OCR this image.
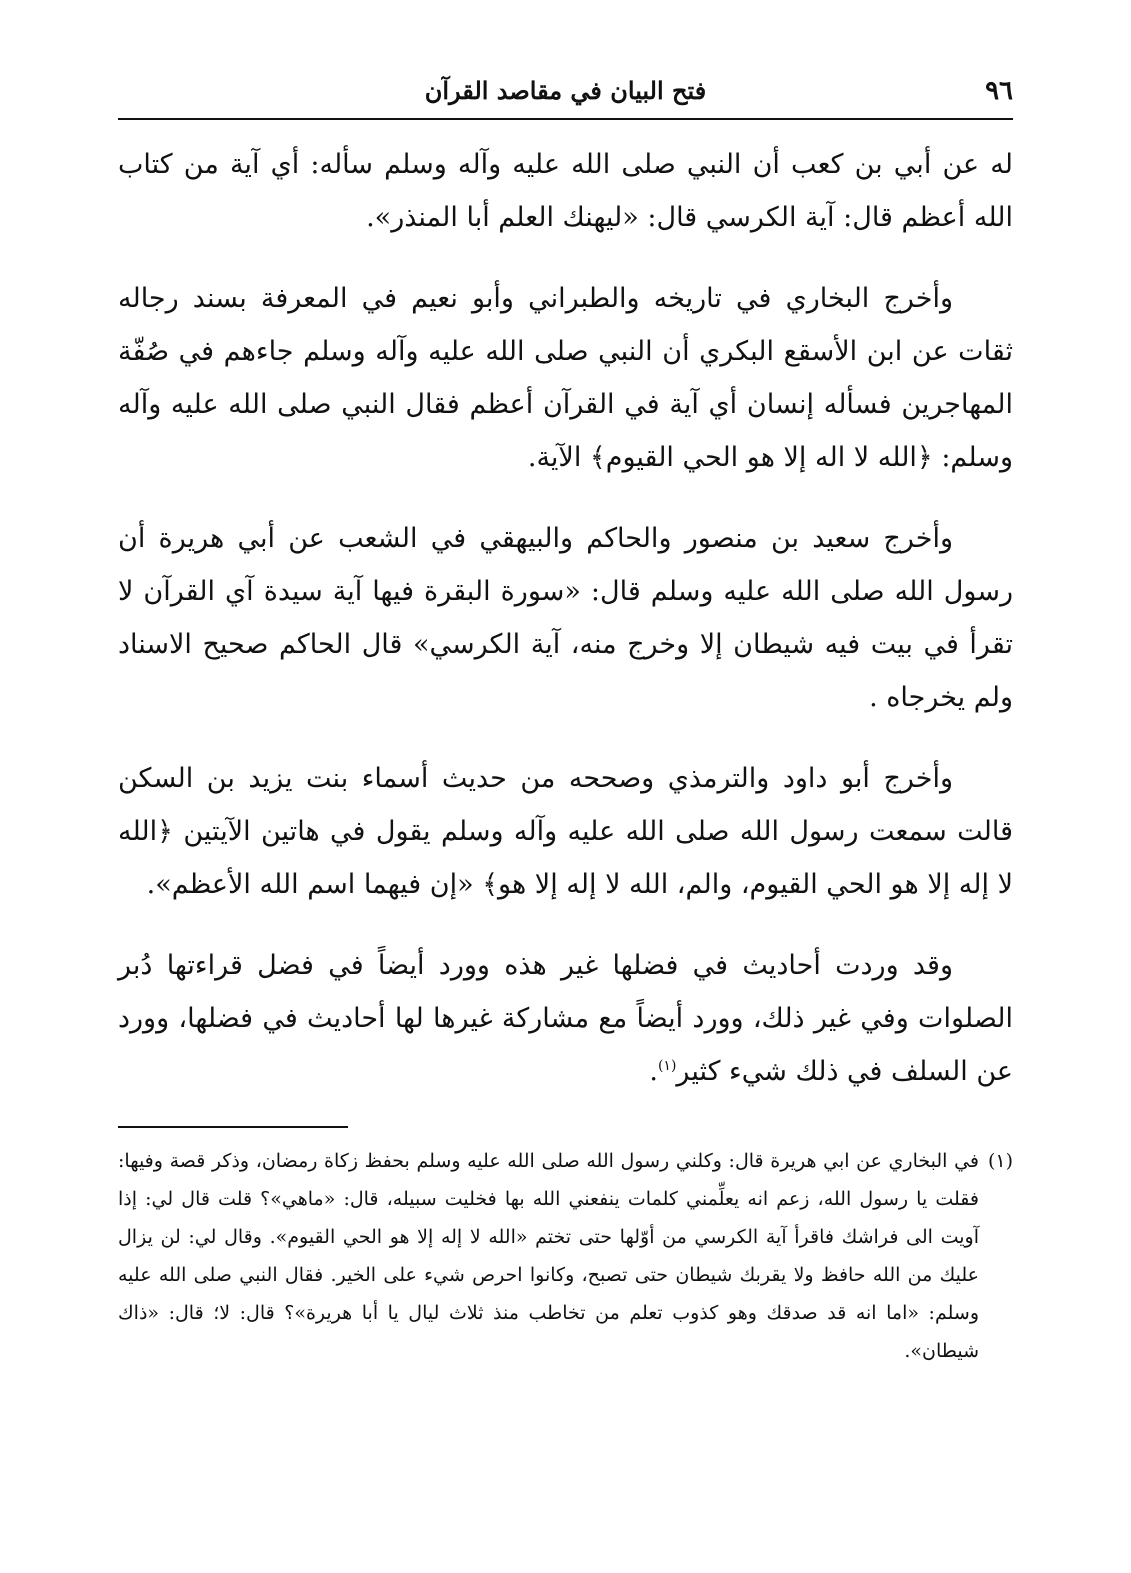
٩٦
فتح البيان في مقاصد القرآن

له عن أبي بن كعب أن النبي صلى الله عليه وآله وسلم سأله: أي آية من كتاب الله أعظم قال: آية الكرسي قال: «ليهنك العلم أبا المنذر».

وأخرج البخاري في تاريخه والطبراني وأبو نعيم في المعرفة بسند رجاله ثقات عن ابن الأسقع البكري أن النبي صلى الله عليه وآله وسلم جاءهم في صُفّة المهاجرين فسأله إنسان أي آية في القرآن أعظم فقال النبي صلى الله عليه وآله وسلم: ﴿الله لا اله إلا هو الحي القيوم﴾ الآية.

وأخرج سعيد بن منصور والحاكم والبيهقي في الشعب عن أبي هريرة أن رسول الله صلى الله عليه وسلم قال: «سورة البقرة فيها آية سيدة آي القرآن لا تقرأ في بيت فيه شيطان إلا وخرج منه، آية الكرسي» قال الحاكم صحيح الاسناد ولم يخرجاه .

وأخرج أبو داود والترمذي وصححه من حديث أسماء بنت يزيد بن السكن قالت سمعت رسول الله صلى الله عليه وآله وسلم يقول في هاتين الآيتين ﴿الله لا إله إلا هو الحي القيوم، والم، الله لا إله إلا هو﴾ «إن فيهما اسم الله الأعظم».

وقد وردت أحاديث في فضلها غير هذه وورد أيضاً في فضل قراءتها دُبر الصلوات وفي غير ذلك، وورد أيضاً مع مشاركة غيرها لها أحاديث في فضلها، وورد عن السلف في ذلك شيء كثير$^{(١)}$.

(١)في البخاري عن ابي هريرة قال: وكلني رسول الله صلى الله عليه وسلم بحفظ زكاة رمضان، وذكر قصة وفيها: فقلت يا رسول الله، زعم انه يعلِّمني كلمات ينفعني الله بها فخليت سبيله، قال: «ماهي»؟ قلت قال لي: إذا آويت الى فراشك فاقرأ آية الكرسي من أوّلها حتى تختم «الله لا إله إلا هو الحي القيوم». وقال لي: لن يزال عليك من الله حافظ ولا يقربك شيطان حتى تصبح، وكانوا احرص شيء على الخير. فقال النبي صلى الله عليه وسلم: «اما انه قد صدقك وهو كذوب تعلم من تخاطب منذ ثلاث ليال يا أبا هريرة»؟ قال: لا؛ قال: «ذاك شيطان».
